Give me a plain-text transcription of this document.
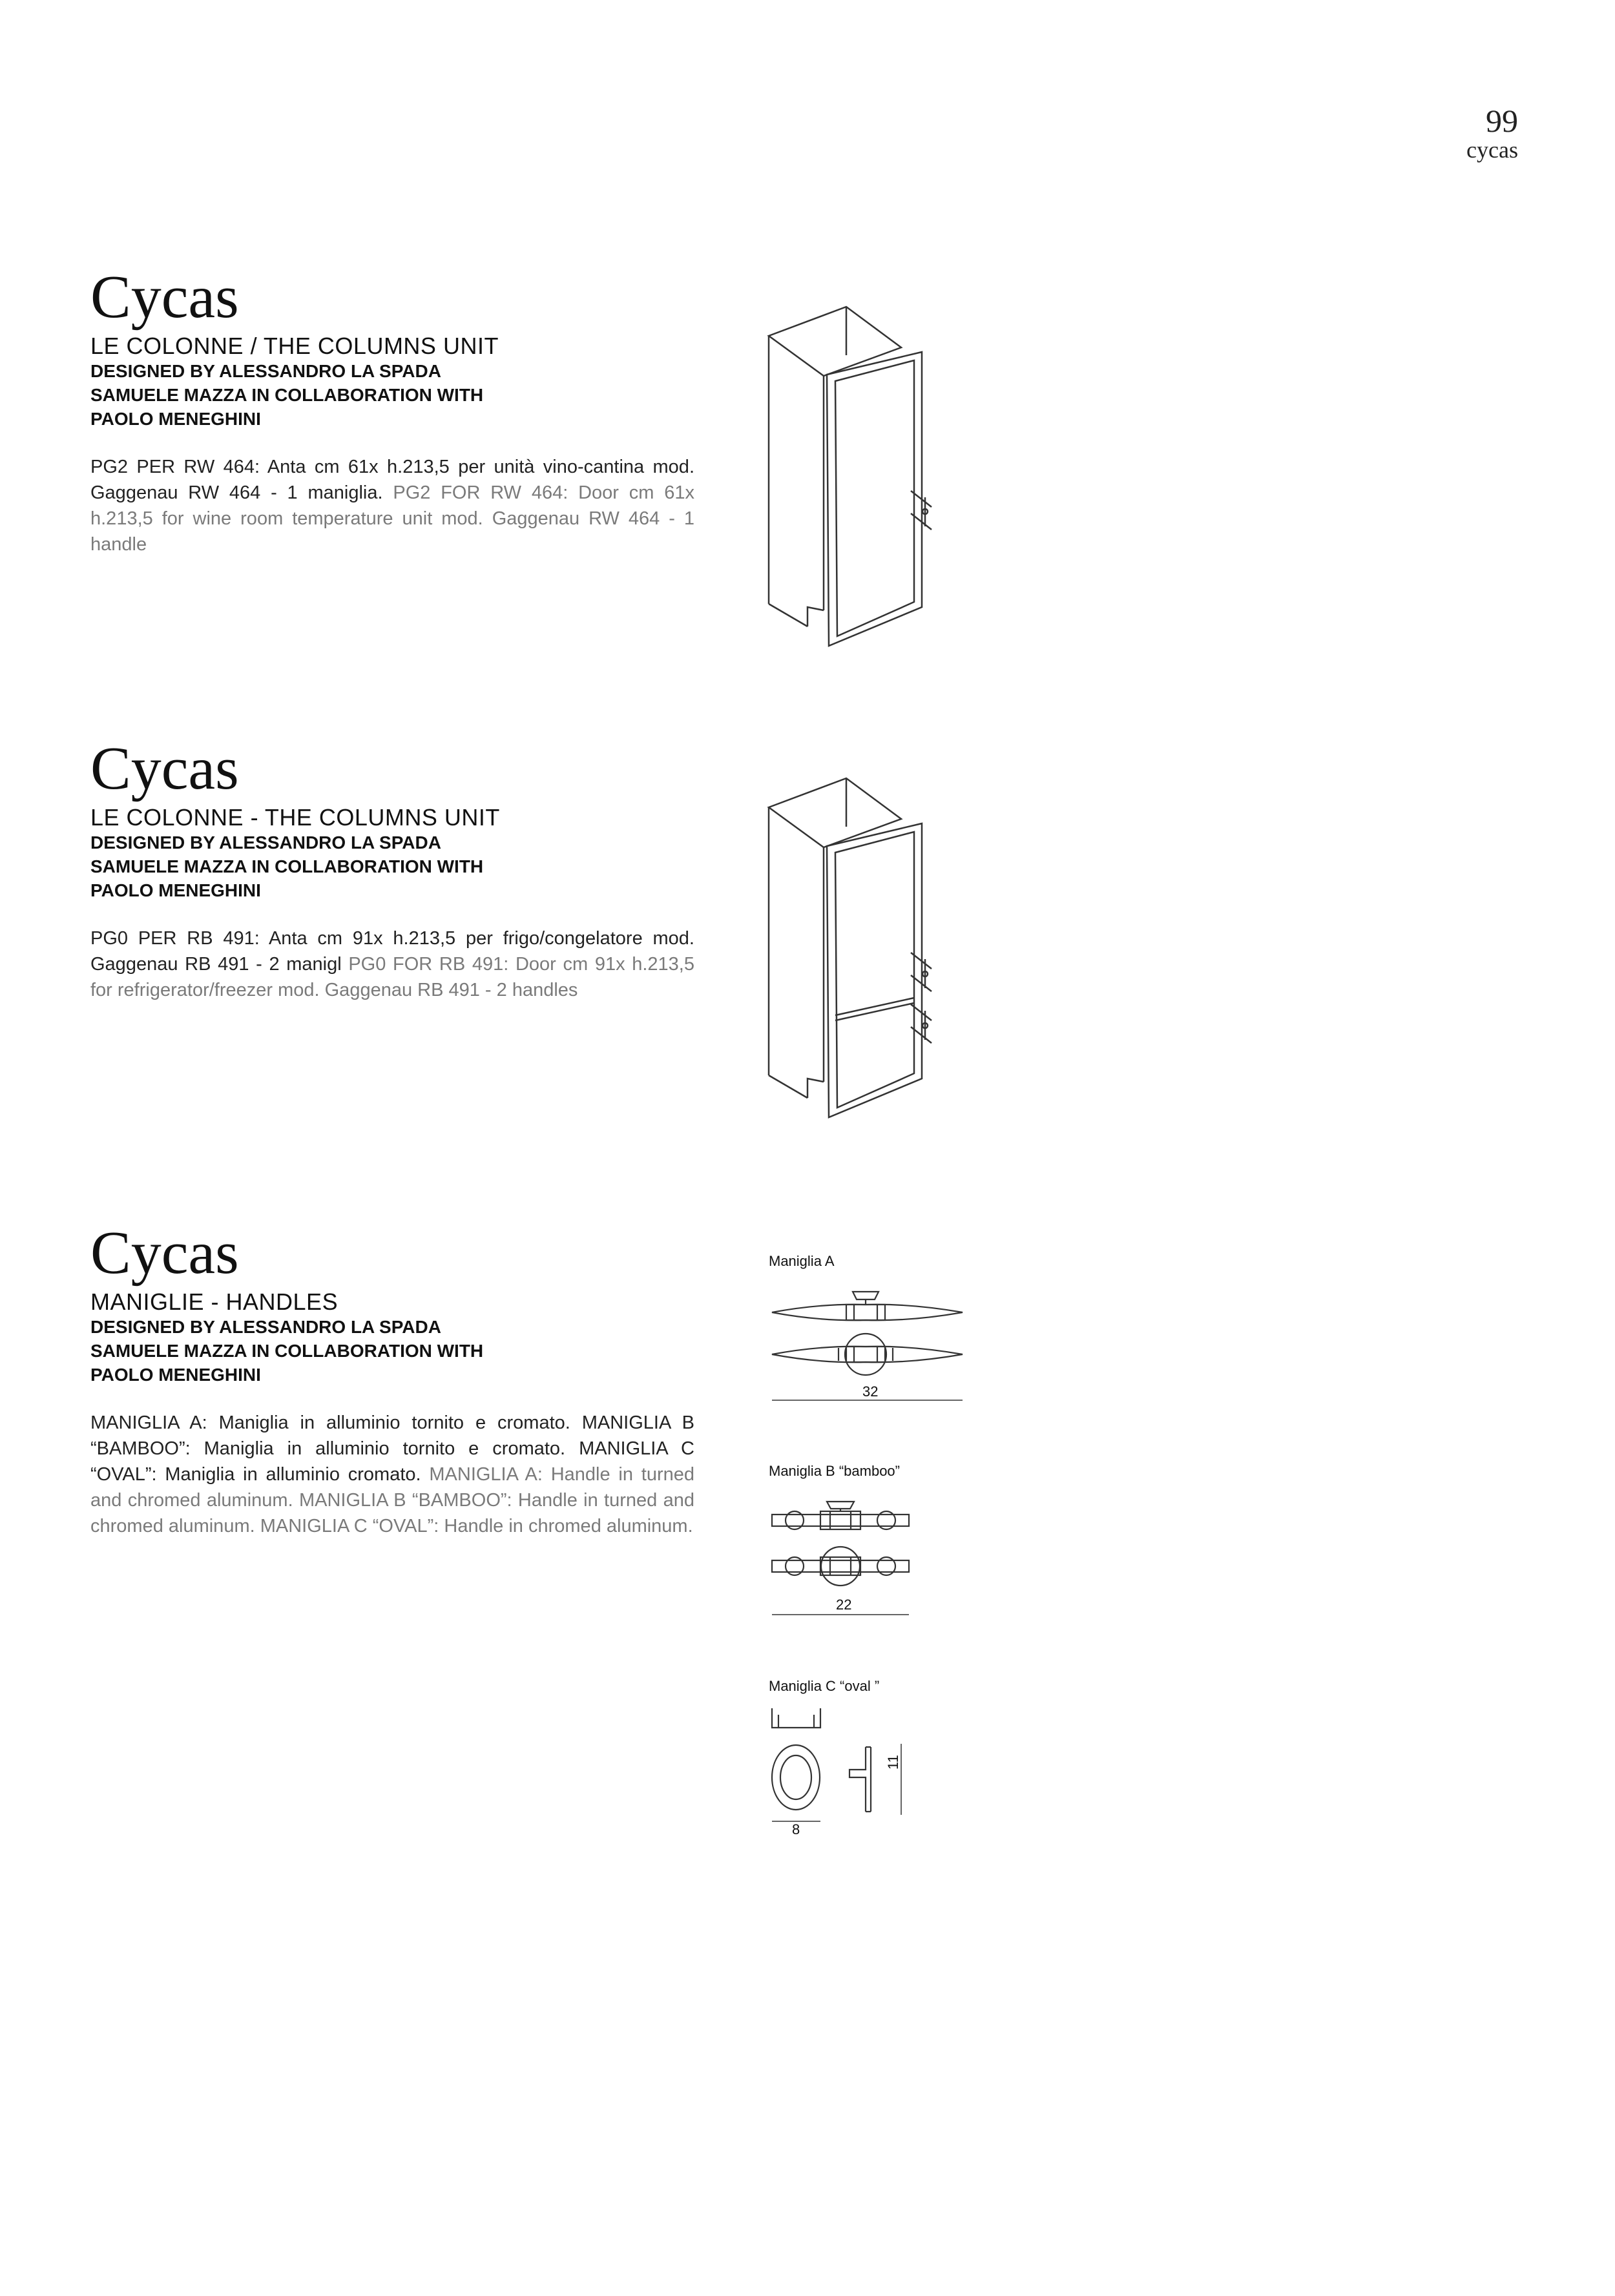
99
cycas
Cycas
LE COLONNE / THE COLUMNS UNIT
DESIGNED BY ALESSANDRO LA SPADA
SAMUELE MAZZA IN COLLABORATION WITH
PAOLO MENEGHINI
PG2 PER RW 464: Anta cm 61x h.213,5 per unità vino-cantina mod. Gaggenau RW 464 - 1 maniglia. PG2 FOR RW 464: Door cm 61x h.213,5 for wine room temperature unit mod. Gaggenau RW 464 - 1 handle
Cycas
LE COLONNE - THE COLUMNS UNIT
DESIGNED BY ALESSANDRO LA SPADA
SAMUELE MAZZA IN COLLABORATION WITH
PAOLO MENEGHINI
PG0 PER RB 491: Anta cm 91x h.213,5 per frigo/congelatore mod. Gaggenau RB 491 - 2 manigl PG0 FOR RB 491: Door cm 91x h.213,5 for refrigerator/freezer mod. Gaggenau RB 491 - 2 handles
Cycas
MANIGLIE - HANDLES
DESIGNED BY ALESSANDRO LA SPADA
SAMUELE MAZZA IN COLLABORATION WITH
PAOLO MENEGHINI
MANIGLIA A: Maniglia in alluminio tornito e cromato. MANIGLIA B “BAMBOO”: Maniglia in alluminio tornito e cromato. MANIGLIA C “OVAL”: Maniglia in alluminio cromato. MANIGLIA A: Handle in turned and chromed aluminum. MANIGLIA B “BAMBOO”: Handle in turned and chromed aluminum. MANIGLIA C “OVAL”: Handle in chromed aluminum.
Maniglia A
32
Maniglia B “bamboo”
22
Maniglia C “oval ”
8
11
